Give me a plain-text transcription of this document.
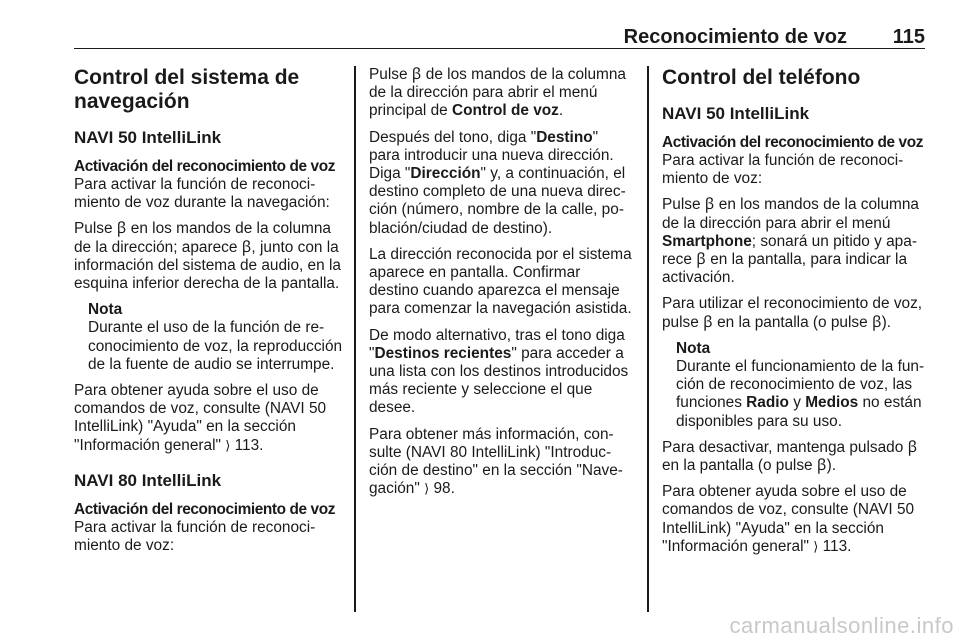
Reconocimiento de voz 115
Control del sistema de navegación
NAVI 50 IntelliLink
Activación del reconocimiento de voz

Para activar la función de reconocimiento de voz durante la navegación:

Pulse ꞵ en los mandos de la columna de la dirección; aparece ꞵ, junto con la información del sistema de audio, en la esquina inferior derecha de la pantalla.

Nota
Durante el uso de la función de reconocimiento de voz, la reproducción de la fuente de audio se interrumpe.

Para obtener ayuda sobre el uso de comandos de voz, consulte (NAVI 50 IntelliLink) "Ayuda" en la sección "Información general" ⟩ 113.

NAVI 80 IntelliLink
Activación del reconocimiento de voz

Para activar la función de reconocimiento de voz:

Pulse ꞵ de los mandos de la columna de la dirección para abrir el menú principal de Control de voz.

Después del tono, diga "Destino" para introducir una nueva dirección. Diga "Dirección" y, a continuación, el destino completo de una nueva dirección (número, nombre de la calle, población/ciudad de destino).

La dirección reconocida por el sistema aparece en pantalla. Confirmar destino cuando aparezca el mensaje para comenzar la navegación asistida.

De modo alternativo, tras el tono diga "Destinos recientes" para acceder a una lista con los destinos introducidos más reciente y seleccione el que desee.

Para obtener más información, consulte (NAVI 80 IntelliLink) "Introducción de destino" en la sección "Navegación" ⟩ 98.

Control del teléfono
NAVI 50 IntelliLink
Activación del reconocimiento de voz

Para activar la función de reconocimiento de voz:

Pulse ꞵ en los mandos de la columna de la dirección para abrir el menú Smartphone; sonará un pitido y aparece ꞵ en la pantalla, para indicar la activación.

Para utilizar el reconocimiento de voz, pulse ꞵ en la pantalla (o pulse ꞵ).

Nota
Durante el funcionamiento de la función de reconocimiento de voz, las funciones Radio y Medios no están disponibles para su uso.

Para desactivar, mantenga pulsado ꞵ en la pantalla (o pulse ꞵ).

Para obtener ayuda sobre el uso de comandos de voz, consulte (NAVI 50 IntelliLink) "Ayuda" en la sección "Información general" ⟩ 113.

carmanualsonline.info
